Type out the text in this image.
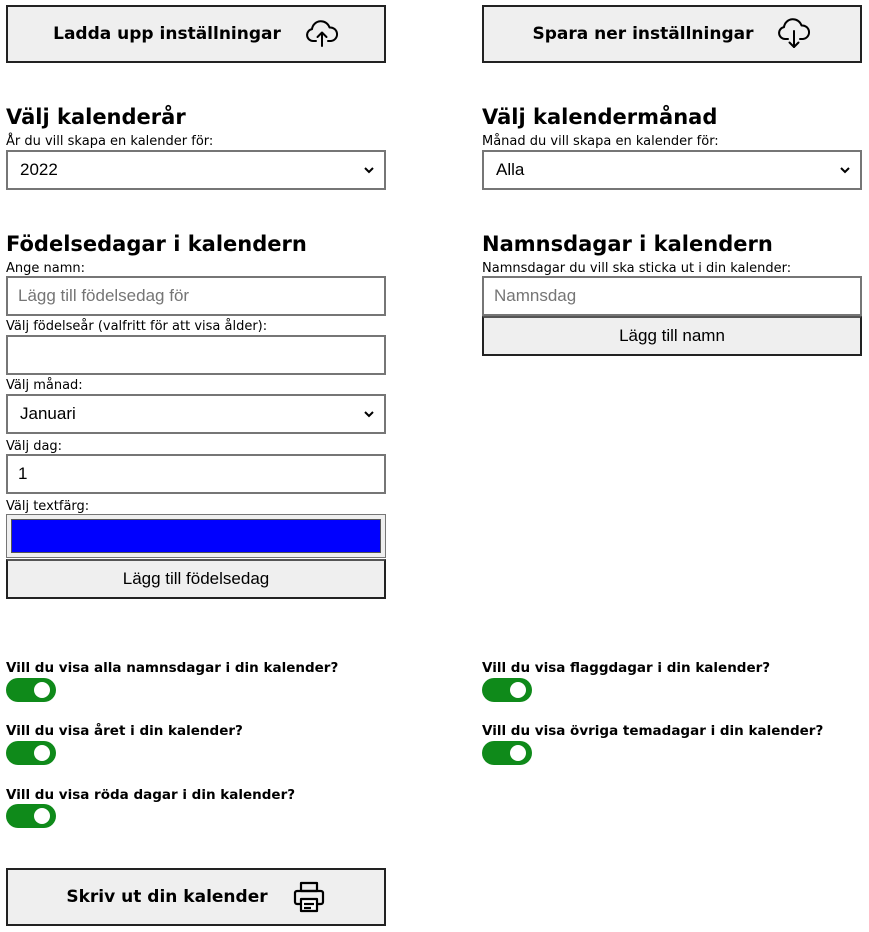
Ladda upp inställningar	Spara ner inställningar
Välj kalenderår
År du vill skapa en kalender för:
2022
Välj kalendermånad
Månad du vill skapa en kalender för:
Alla
Födelsedagar i kalendern
Ange namn:
Lägg till födelsedag för
Välj födelseår (valfritt för att visa ålder):
Välj månad:
Januari
Välj dag:
1
Välj textfärg:
Lägg till födelsedag
Namnsdagar i kalendern
Namnsdagar du vill ska sticka ut i din kalender:
Namnsdag
Lägg till namn
Vill du visa alla namnsdagar i din kalender?	Vill du visa flaggdagar i din kalender?
Vill du visa året i din kalender?	Vill du visa övriga temadagar i din kalender?
Vill du visa röda dagar i din kalender?
Skriv ut din kalender
